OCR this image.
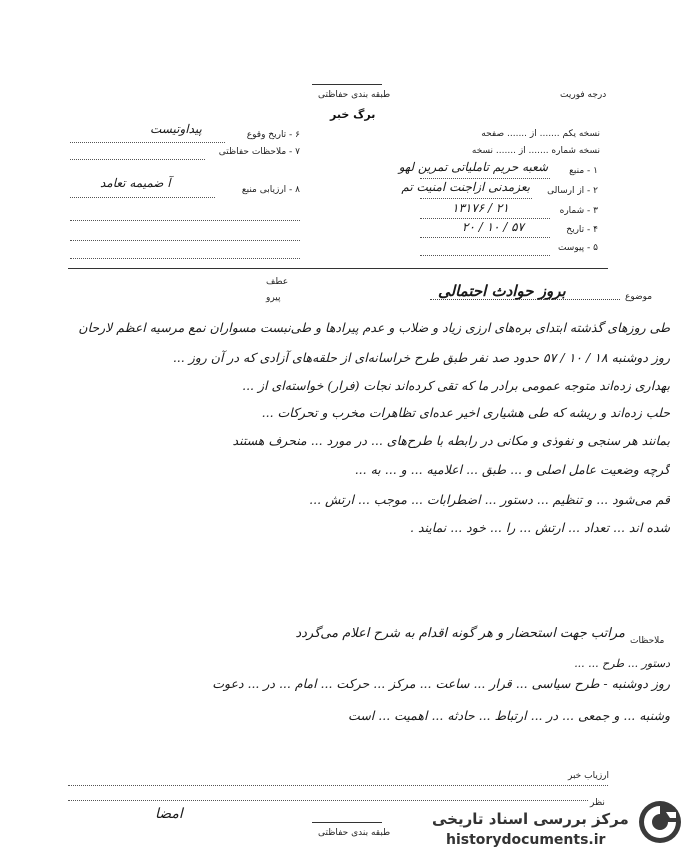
طبقه بندی حفاظتی	درجه فوریت
برگ خبر
نسخه یکم ....... از ....... صفحه
نسخه شماره ....... از ....... نسخه
۱ - منبع
شعبه حریم تاملیا‌تی تمرین لهو
۲ - از ارسالی
بعزمدنی ازاجنت امنیت تم
۳ - شماره
۱۳۱۷۶ / ۲۱
۴ - تاریخ
۲۰ / ۱۰ / ۵۷
۵ - پیوست
۶ - تاریخ وقوع
پیداوتیست
۷ - ملاحظات حفاظتی
۸ - ارزیابی منبع
آ ضمیمه تعامد
عطف
پیرو	موضوع
بروز حوادث احتمالی
طی روزهای گذشته ابتدای بره‌های ارزی زیاد و ضلاب و عدم پیرادها و طی‌نبست مسواران نمع مرسیه اعظم لارحان
روز دوشنبه ۱۸ / ۱۰ / ۵۷ حدود صد نفر طبق طرح خراسانه‌ای از حلقه‌های آزادی که در آن روز ...
بهداری زده‌اند متوجه عمومی برادر ما که تقی کرده‌اند نجات (فرار) خواسته‌ای از ...
حلب زده‌اند و ریشه که طی هشیاری اخیر عده‌ای تظاهرات مخرب و تحرکات ...
بمانند هر سنجی و نفوذی و مکانی در رابطه با طرح‌های ... در مورد ... منحرف هستند
گرچه وضعیت عامل اصلی و ... طبق ... اعلامیه ... و ... به ...
قم می‌شود ... و تنظیم ... دستور ... اضطرابات ... موجب ... ارتش ...
شده اند ... تعداد ... ارتش ... را ... خود ... نمایند .
ملاحظات
مراتب جهت استحضار و هر گونه اقدام به شرح اعلام می‌گردد
دستور ... طرح ... ...
روز دوشنبه - طرح سیاسی ... قرار ... ساعت ... مرکز ... حرکت ... امام ... در ... دعوت
وشنبه ... و جمعی ... در ... ارتباط ... حادثه ... اهمیت ... است
ارزیاب خبر
نظر
امضا
طبقه بندی حفاظتی
مرکز بررسی اسناد تاریخی
historydocuments.ir
